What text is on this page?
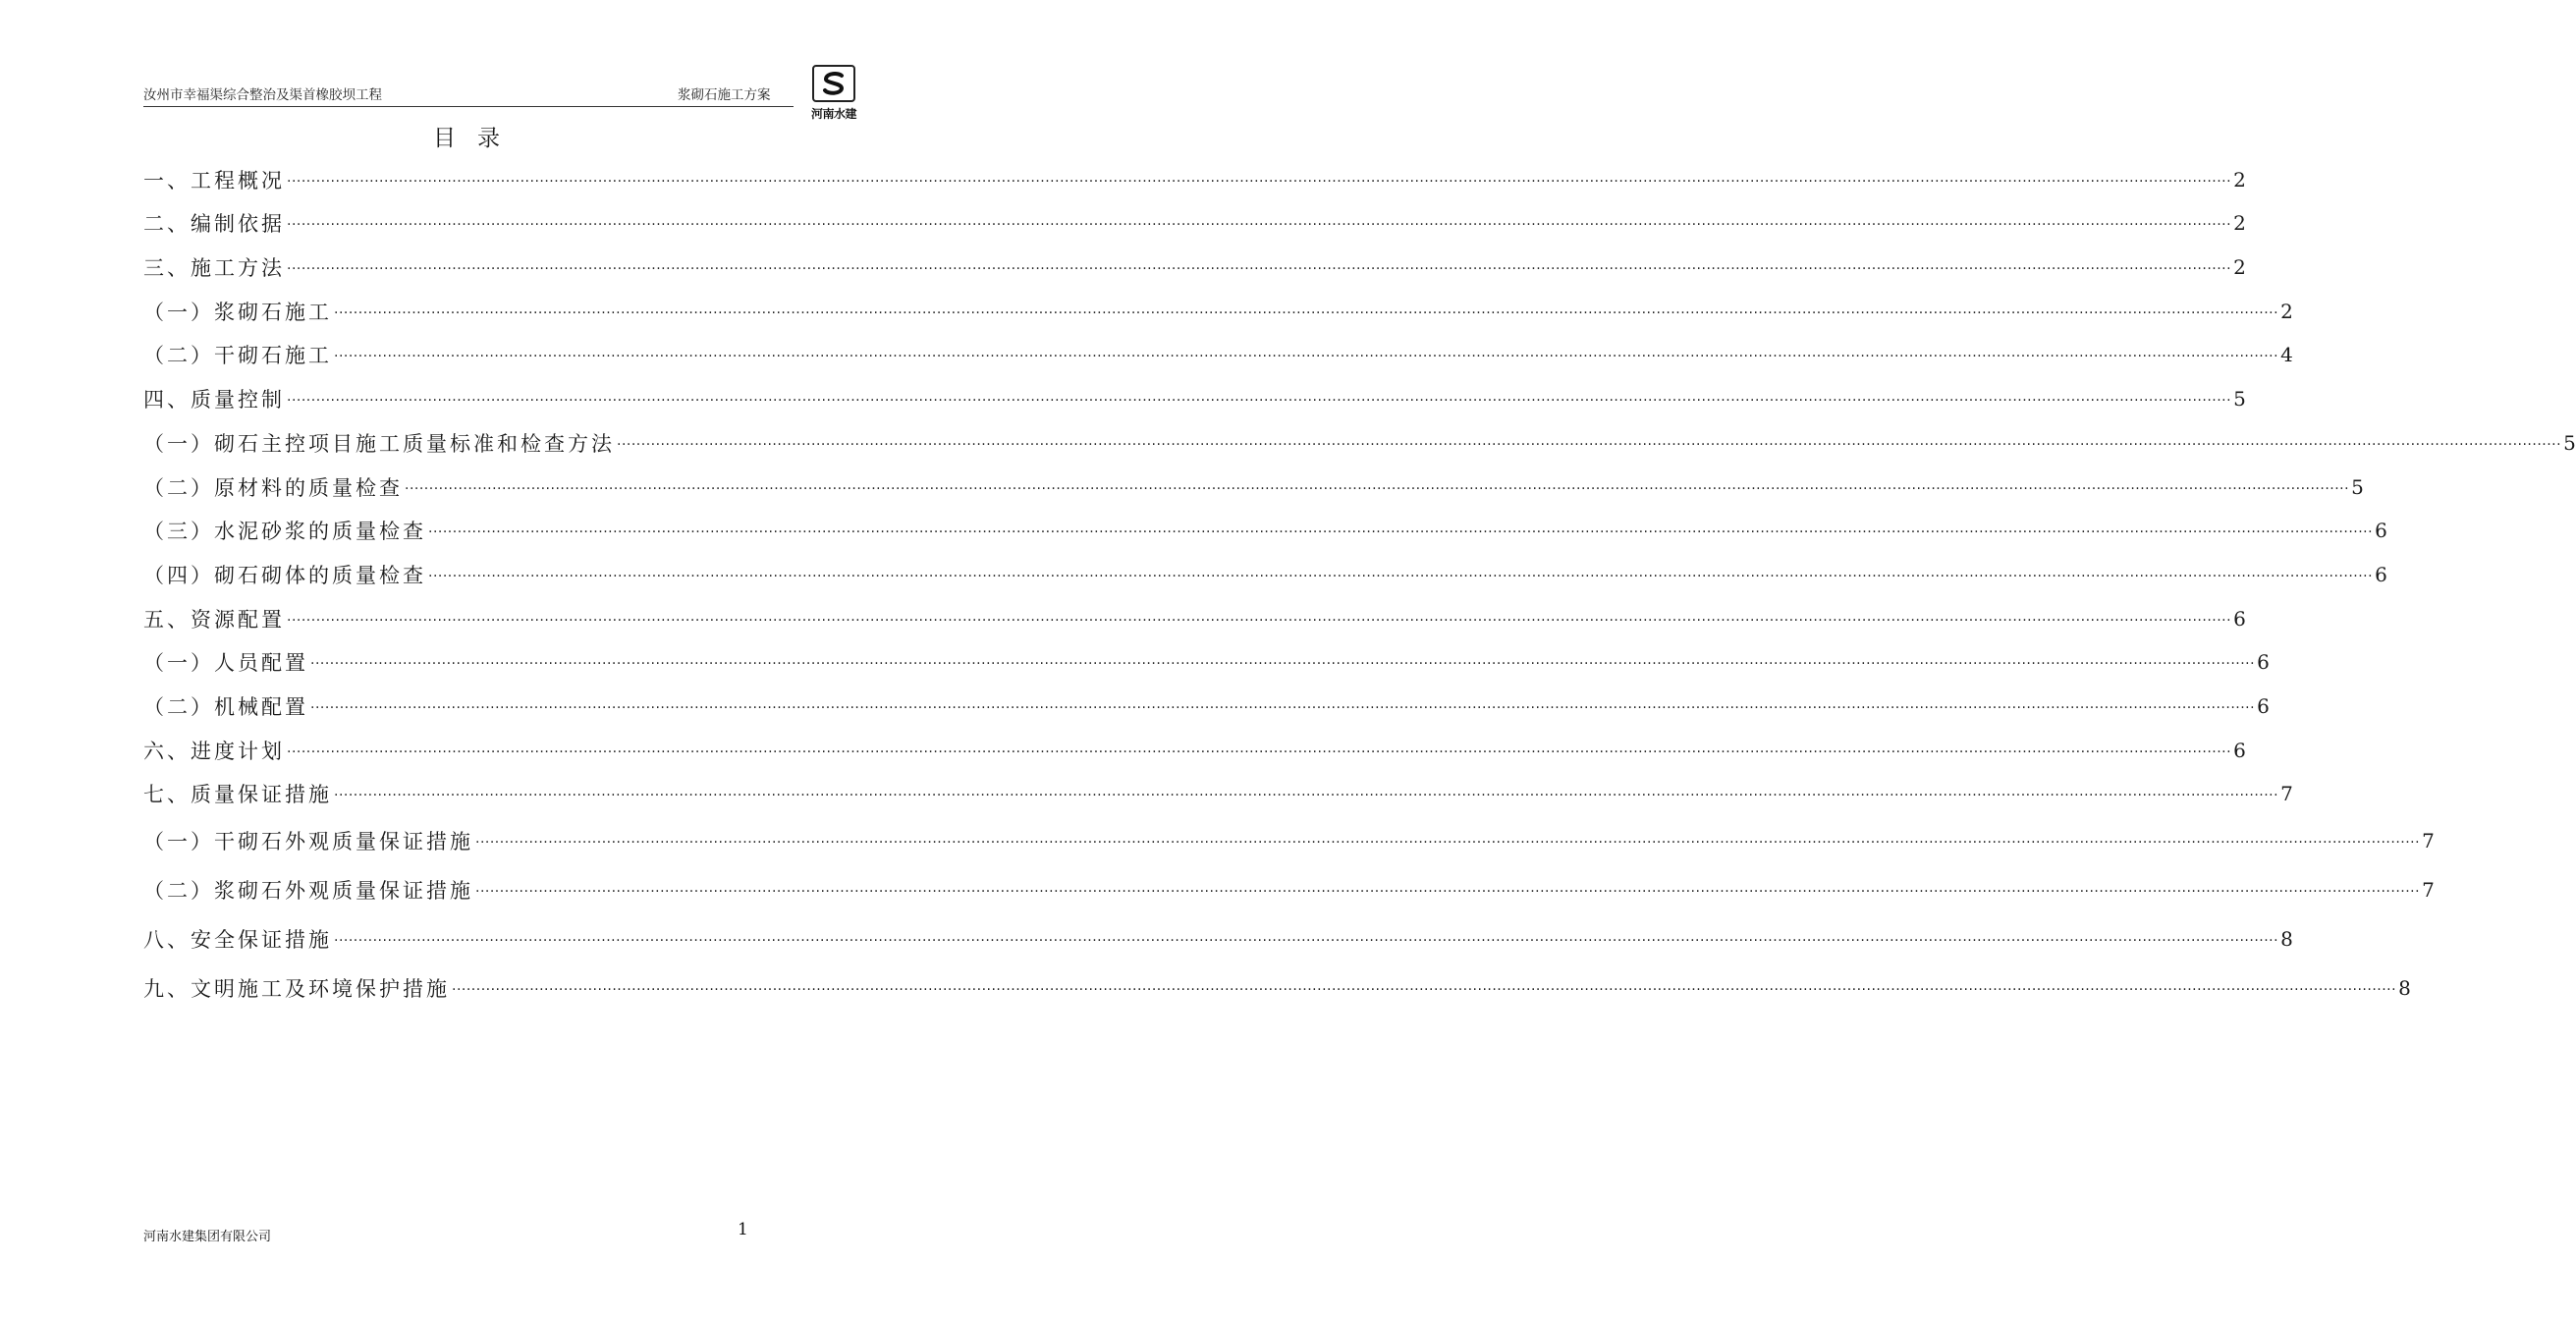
汝州市幸福渠综合整治及渠首橡胶坝工程	浆砌石施工方案
河南水建
目录
一、工程概况 ················································································································································································································································································································································································································ 2
二、编制依据 ················································································································································································································································································································································································································ 2
三、施工方法 ················································································································································································································································································································································································································ 2
（一）浆砌石施工 ················································································································································································································································································································································································································ 2
（二）干砌石施工 ················································································································································································································································································································································································································ 4
四、质量控制 ················································································································································································································································································································································································································ 5
（一）砌石主控项目施工质量标准和检查方法 ················································································································································································································································································································································································································ 5
（二）原材料的质量检查 ················································································································································································································································································································································································································ 5
（三）水泥砂浆的质量检查 ················································································································································································································································································································································································································ 6
（四）砌石砌体的质量检查 ················································································································································································································································································································································································································ 6
五、资源配置 ················································································································································································································································································································································································································ 6
（一）人员配置 ················································································································································································································································································································································································································ 6
（二）机械配置 ················································································································································································································································································································································································································ 6
六、进度计划 ················································································································································································································································································································································································································ 6
七、质量保证措施 ················································································································································································································································································································································································································ 7
（一）干砌石外观质量保证措施 ················································································································································································································································································································································································································ 7
（二）浆砌石外观质量保证措施 ················································································································································································································································································································································································································ 7
八、安全保证措施 ················································································································································································································································································································································································································ 8
九、文明施工及环境保护措施 ················································································································································································································································································································································································································ 8
河南水建集团有限公司	1
